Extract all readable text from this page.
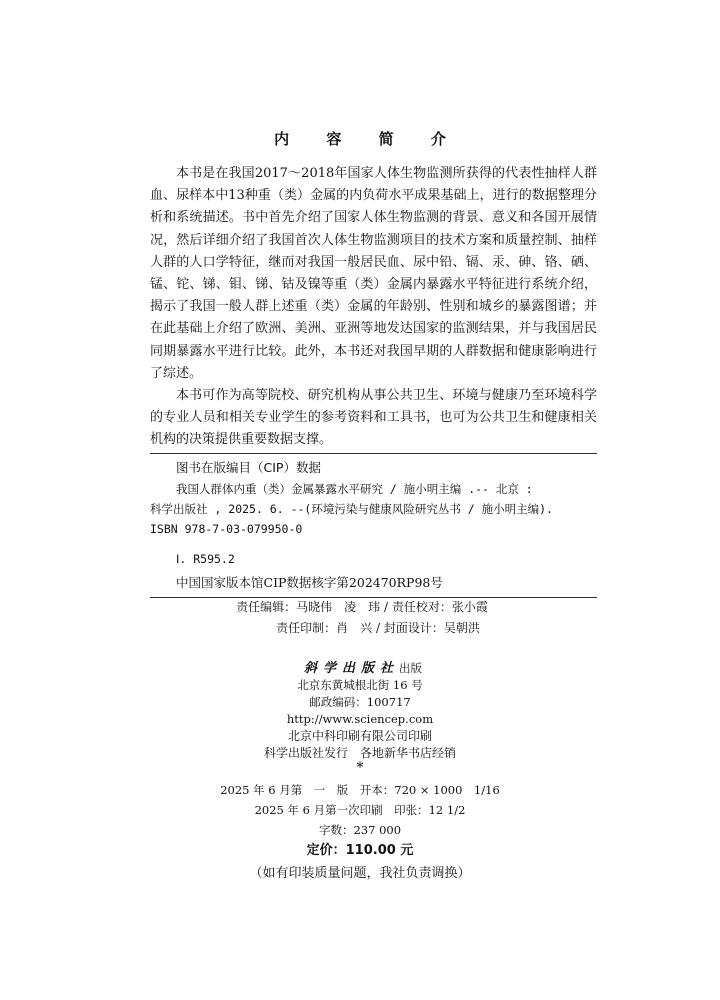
内 容 简 介

本书是在我国2017～2018年国家人体生物监测所获得的代表性抽样人群血、尿样本中13种重（类）金属的内负荷水平成果基础上，进行的数据整理分析和系统描述。书中首先介绍了国家人体生物监测的背景、意义和各国开展情况，然后详细介绍了我国首次人体生物监测项目的技术方案和质量控制、抽样人群的人口学特征，继而对我国一般居民血、尿中铅、镉、汞、砷、铬、硒、锰、铊、锑、钼、锑、钴及镍等重（类）金属内暴露水平特征进行系统介绍，揭示了我国一般人群上述重（类）金属的年龄别、性别和城乡的暴露图谱；并在此基础上介绍了欧洲、美洲、亚洲等地发达国家的监测结果，并与我国居民同期暴露水平进行比较。此外，本书还对我国早期的人群数据和健康影响进行了综述。

本书可作为高等院校、研究机构从事公共卫生、环境与健康乃至环境科学的专业人员和相关专业学生的参考资料和工具书，也可为公共卫生和健康相关机构的决策提供重要数据支撑。

图书在版编目（CIP）数据
我国人群体内重（类）金属暴露水平研究 / 施小明主编 .-- 北京 :
科学出版社 , 2025. 6. --(环境污染与健康风险研究丛书 / 施小明主编).
ISBN 978-7-03-079950-0
Ⅰ. R595.2
中国国家版本馆CIP数据核字第202470RP98号
责任编辑：马晓伟　凌　玮 / 责任校对：张小霞
责任印制：肖　兴 / 封面设计：吴朝洪
斜学出版社出版
北京东黄城根北街 16 号
邮政编码：100717
http://www.sciencep.com
北京中科印刷有限公司印刷
科学出版社发行　各地新华书店经销
*
2025 年 6 月第　一　版　开本：720 × 1000　1/16
2025 年 6 月第一次印刷　印张：12 1/2
字数：237 000
定价：110.00 元
（如有印装质量问题，我社负责调换）
